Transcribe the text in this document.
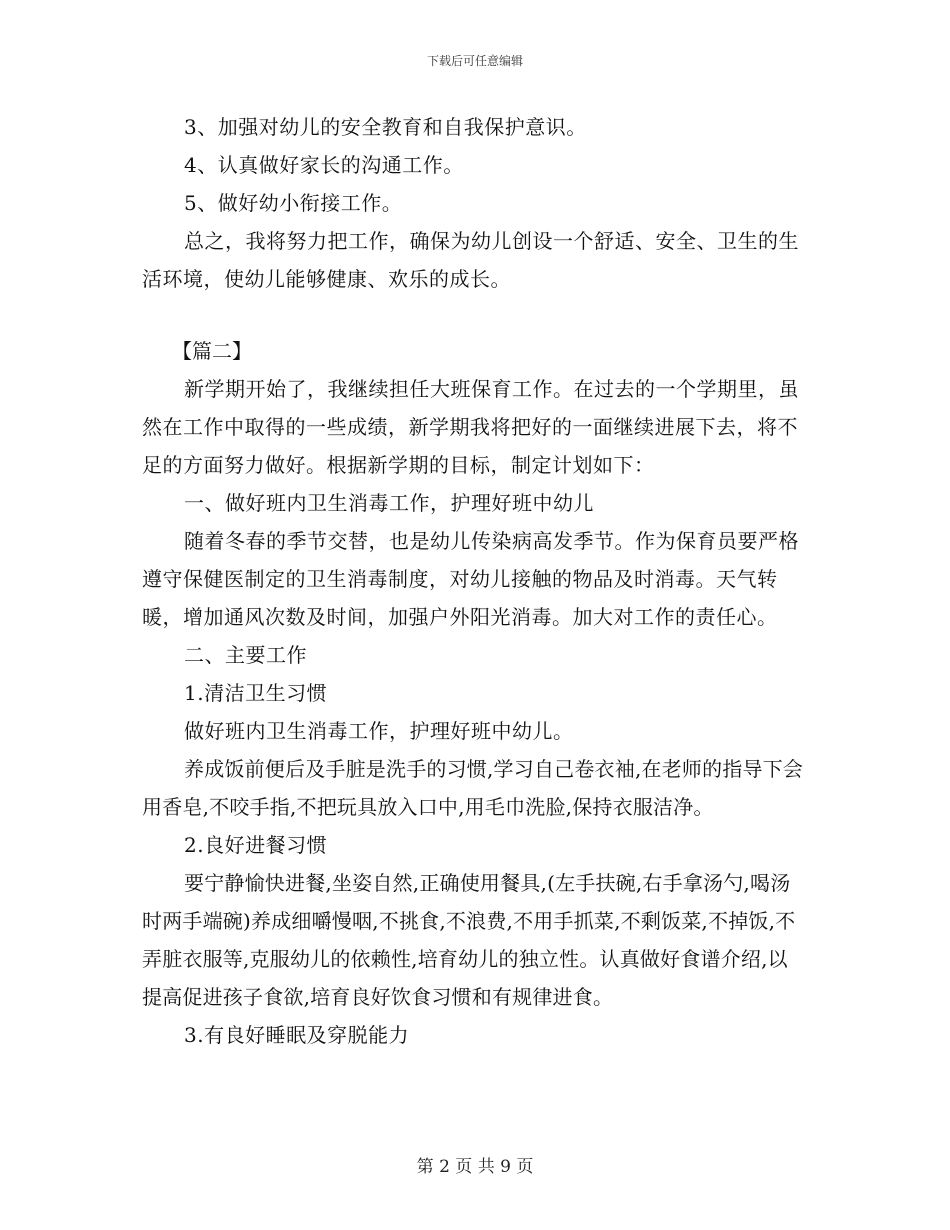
下载后可任意编辑

3、加强对幼儿的安全教育和自我保护意识。

4、认真做好家长的沟通工作。

5、做好幼小衔接工作。

总之，我将努力把工作，确保为幼儿创设一个舒适、安全、卫生的生活环境，使幼儿能够健康、欢乐的成长。

【篇二】

新学期开始了，我继续担任大班保育工作。在过去的一个学期里，虽然在工作中取得的一些成绩，新学期我将把好的一面继续进展下去，将不足的方面努力做好。根据新学期的目标，制定计划如下：

一、做好班内卫生消毒工作，护理好班中幼儿

随着冬春的季节交替，也是幼儿传染病高发季节。作为保育员要严格遵守保健医制定的卫生消毒制度，对幼儿接触的物品及时消毒。天气转暖，增加通风次数及时间，加强户外阳光消毒。加大对工作的责任心。

二、主要工作

1.清洁卫生习惯

做好班内卫生消毒工作，护理好班中幼儿。

养成饭前便后及手脏是洗手的习惯,学习自己卷衣袖,在老师的指导下会用香皂,不咬手指,不把玩具放入口中,用毛巾洗脸,保持衣服洁净。

2.良好进餐习惯

要宁静愉快进餐,坐姿自然,正确使用餐具,(左手扶碗,右手拿汤勺,喝汤时两手端碗)养成细嚼慢咽,不挑食,不浪费,不用手抓菜,不剩饭菜,不掉饭,不弄脏衣服等,克服幼儿的依赖性,培育幼儿的独立性。认真做好食谱介绍,以提高促进孩子食欲,培育良好饮食习惯和有规律进食。

3.有良好睡眠及穿脱能力

第 2 页 共 9 页
